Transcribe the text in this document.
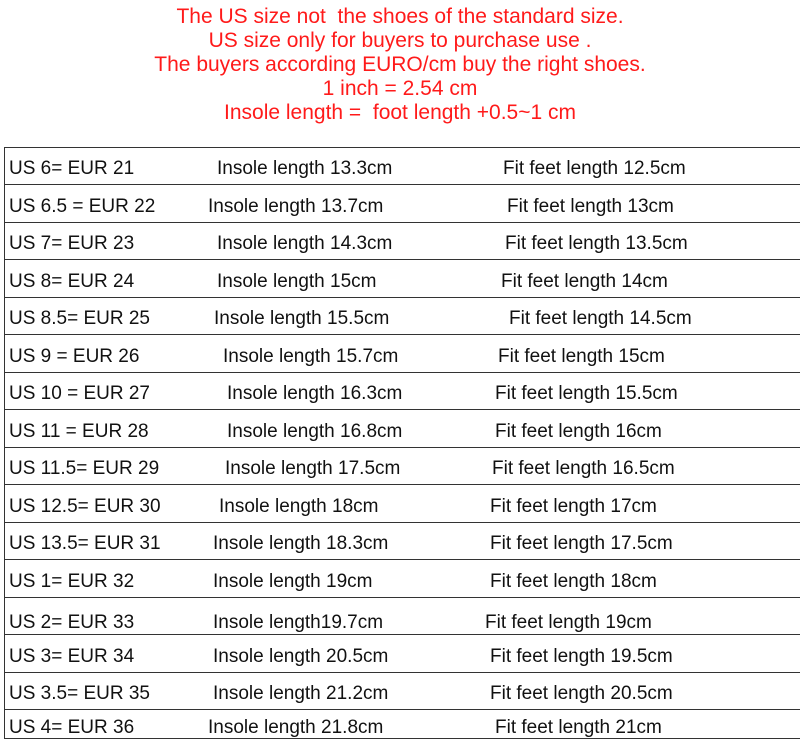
The US size not  the shoes of the standard size.
US size only for buyers to purchase use .
The buyers according EURO/cm buy the right shoes.
1 inch = 2.54 cm
Insole length =  foot length +0.5~1 cm
US 6= EUR 21	Insole length 13.3cm	Fit feet length 12.5cm
US 6.5 = EUR 22	Insole length 13.7cm	Fit feet length 13cm
US 7= EUR 23	Insole length 14.3cm	Fit feet length 13.5cm
US 8= EUR 24	Insole length 15cm	Fit feet length 14cm
US 8.5= EUR 25	Insole length 15.5cm	Fit feet length 14.5cm
US 9 = EUR 26	Insole length 15.7cm	Fit feet length 15cm
US 10 = EUR 27	Insole length 16.3cm	Fit feet length 15.5cm
US 11 = EUR 28	Insole length 16.8cm	Fit feet length 16cm
US 11.5= EUR 29	Insole length 17.5cm	Fit feet length 16.5cm
US 12.5= EUR 30	Insole length 18cm	Fit feet length 17cm
US 13.5= EUR 31	Insole length 18.3cm	Fit feet length 17.5cm
US 1= EUR 32	Insole length 19cm	Fit feet length 18cm
US 2= EUR 33	Insole length19.7cm	Fit feet length 19cm
US 3= EUR 34	Insole length 20.5cm	Fit feet length 19.5cm
US 3.5= EUR 35	Insole length 21.2cm	Fit feet length 20.5cm
US 4= EUR 36	Insole length 21.8cm	Fit feet length 21cm
